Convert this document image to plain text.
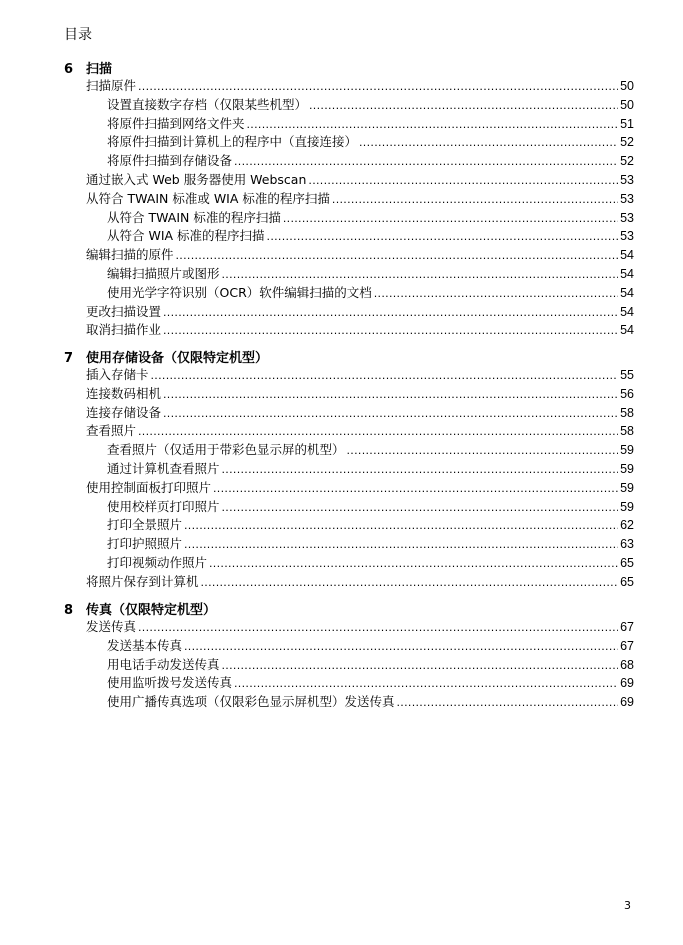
目录
6 扫描
扫描原件 . . .	50
设置直接数字存档（仅限某些机型） . . .	50
将原件扫描到网络文件夹 . . .	51
将原件扫描到计算机上的程序中（直接连接） . . .	52
将原件扫描到存储设备 . . .	52
通过嵌入式 Web 服务器使用 Webscan . . .	53
从符合 TWAIN 标准或 WIA 标准的程序扫描 . . .	53
从符合 TWAIN 标准的程序扫描 . . .	53
从符合 WIA 标准的程序扫描 . . .	53
编辑扫描的原件 . . .	54
编辑扫描照片或图形 . . .	54
使用光学字符识别（OCR）软件编辑扫描的文档 . . .	54
更改扫描设置 . . .	54
取消扫描作业 . . .	54
7 使用存储设备（仅限特定机型）
插入存储卡 . . .	55
连接数码相机 . . .	56
连接存储设备 . . .	58
查看照片 . . .	58
查看照片（仅适用于带彩色显示屏的机型） . . .	59
通过计算机查看照片 . . .	59
使用控制面板打印照片 . . .	59
使用校样页打印照片 . . .	59
打印全景照片 . . .	62
打印护照照片 . . .	63
打印视频动作照片 . . .	65
将照片保存到计算机 . . .	65
8 传真（仅限特定机型）
发送传真 . . .	67
发送基本传真 . . .	67
用电话手动发送传真 . . .	68
使用监听拨号发送传真 . . .	69
使用广播传真选项（仅限彩色显示屏机型）发送传真 . . .	69
3
